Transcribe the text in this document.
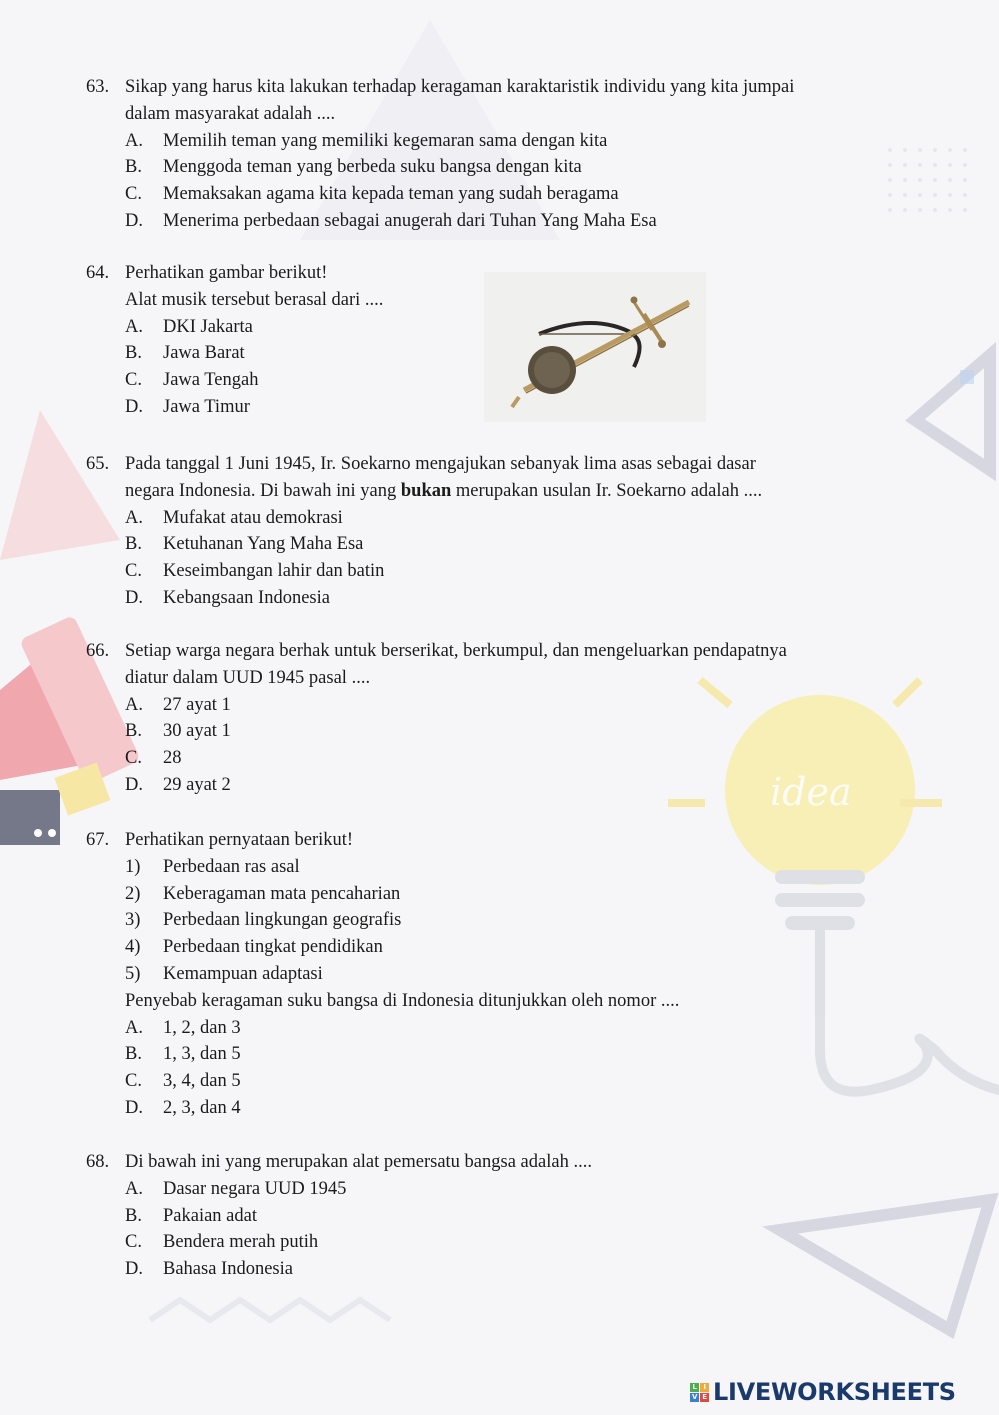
idea
63. Sikap yang harus kita lakukan terhadap keragaman karaktaristik individu yang kita jumpai
dalam masyarakat adalah ....
A.	Memilih teman yang memiliki kegemaran sama dengan kita
B.	Menggoda teman yang berbeda suku bangsa dengan kita
C.	Memaksakan agama kita kepada teman yang sudah beragama
D.	Menerima perbedaan sebagai anugerah dari Tuhan Yang Maha Esa
64. Perhatikan gambar berikut!
Alat musik tersebut berasal dari ....
A.	DKI Jakarta
B.	Jawa Barat
C.	Jawa Tengah
D.	Jawa Timur
65. Pada tanggal 1 Juni 1945, Ir. Soekarno mengajukan sebanyak lima asas sebagai dasar
negara Indonesia. Di bawah ini yang bukan merupakan usulan Ir. Soekarno adalah ....
A.	Mufakat atau demokrasi
B.	Ketuhanan Yang Maha Esa
C.	Keseimbangan lahir dan batin
D.	Kebangsaan Indonesia
66. Setiap warga negara berhak untuk berserikat, berkumpul, dan mengeluarkan pendapatnya
diatur dalam UUD 1945 pasal ....
A.	27 ayat 1
B.	30 ayat 1
C.	28
D.	29 ayat 2
67. Perhatikan pernyataan berikut!
1)	Perbedaan ras asal
2)	Keberagaman mata pencaharian
3)	Perbedaan lingkungan geografis
4)	Perbedaan tingkat pendidikan
5)	Kemampuan adaptasi
Penyebab keragaman suku bangsa di Indonesia ditunjukkan oleh nomor ....
A.	1, 2, dan 3
B.	1, 3, dan 5
C.	3, 4, dan 5
D.	2, 3, dan 4
68. Di bawah ini yang merupakan alat pemersatu bangsa adalah ....
A.	Dasar negara UUD 1945
B.	Pakaian adat
C.	Bendera merah putih
D.	Bahasa Indonesia
L I
V E LIVEWORKSHEETS
